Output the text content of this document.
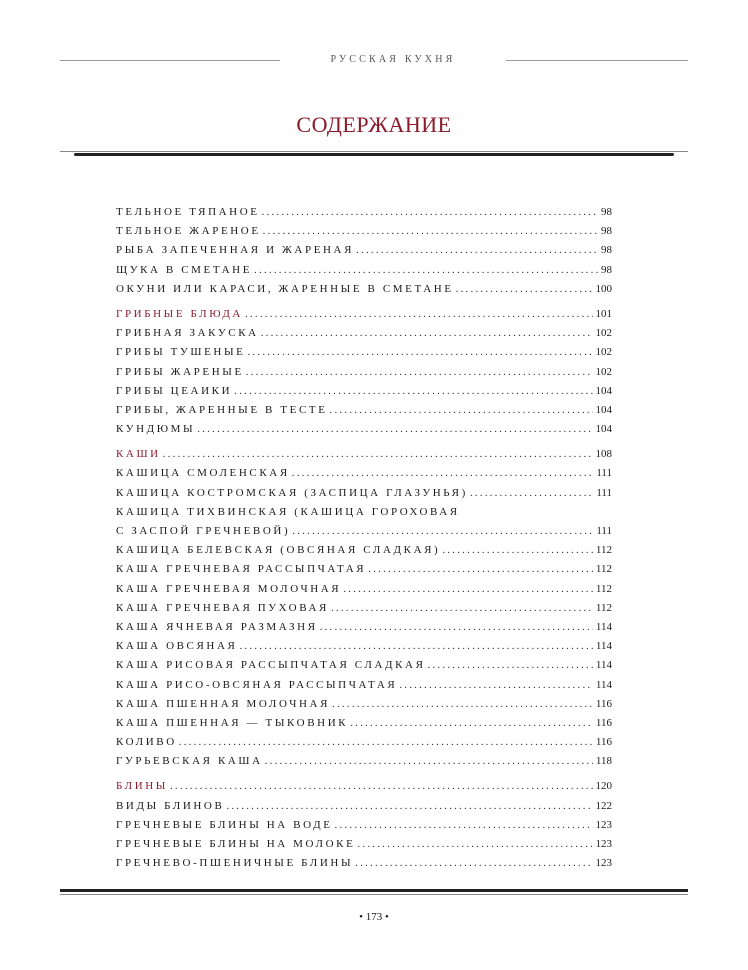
РУССКАЯ КУХНЯ
СОДЕРЖАНИЕ
ТЕЛЬНОЕ ТЯПАНОЕ .....	98
ТЕЛЬНОЕ ЖАРЕНОЕ .....	98
РЫБА ЗАПЕЧЕННАЯ И ЖАРЕНАЯ .....	98
ЩУКА В СМЕТАНЕ .....	98
ОКУНИ ИЛИ КАРАСИ, ЖАРЕННЫЕ В СМЕТАНЕ .....	100
ГРИБНЫЕ БЛЮДА .....	101
ГРИБНАЯ ЗАКУСКА .....	102
ГРИБЫ ТУШЕНЫЕ .....	102
ГРИБЫ ЖАРЕНЫЕ .....	102
ГРИБЫ ЦЕАИКИ .....	104
ГРИБЫ, ЖАРЕННЫЕ В ТЕСТЕ .....	104
КУНДЮМЫ .....	104
КАШИ .....	108
КАШИЦА СМОЛЕНСКАЯ .....	111
КАШИЦА КОСТРОМСКАЯ (ЗАСПИЦА ГЛАЗУНЬЯ) .....	111
КАШИЦА ТИХВИНСКАЯ (КАШИЦА ГОРОХОВАЯ
С ЗАСПОЙ ГРЕЧНЕВОЙ) .....	111
КАШИЦА БЕЛЕВСКАЯ (ОВСЯНАЯ СЛАДКАЯ) .....	112
КАША ГРЕЧНЕВАЯ РАССЫПЧАТАЯ .....	112
КАША ГРЕЧНЕВАЯ МОЛОЧНАЯ .....	112
КАША ГРЕЧНЕВАЯ ПУХОВАЯ .....	112
КАША ЯЧНЕВАЯ РАЗМАЗНЯ .....	114
КАША ОВСЯНАЯ .....	114
КАША РИСОВАЯ РАССЫПЧАТАЯ СЛАДКАЯ .....	114
КАША РИСО-ОВСЯНАЯ РАССЫПЧАТАЯ .....	114
КАША ПШЕННАЯ МОЛОЧНАЯ .....	116
КАША ПШЕННАЯ — ТЫКОВНИК .....	116
КОЛИВО .....	116
ГУРЬЕВСКАЯ КАША .....	118
БЛИНЫ .....	120
ВИДЫ БЛИНОВ .....	122
ГРЕЧНЕВЫЕ БЛИНЫ НА ВОДЕ .....	123
ГРЕЧНЕВЫЕ БЛИНЫ НА МОЛОКЕ .....	123
ГРЕЧНЕВО-ПШЕНИЧНЫЕ БЛИНЫ .....	123
• 173 •
